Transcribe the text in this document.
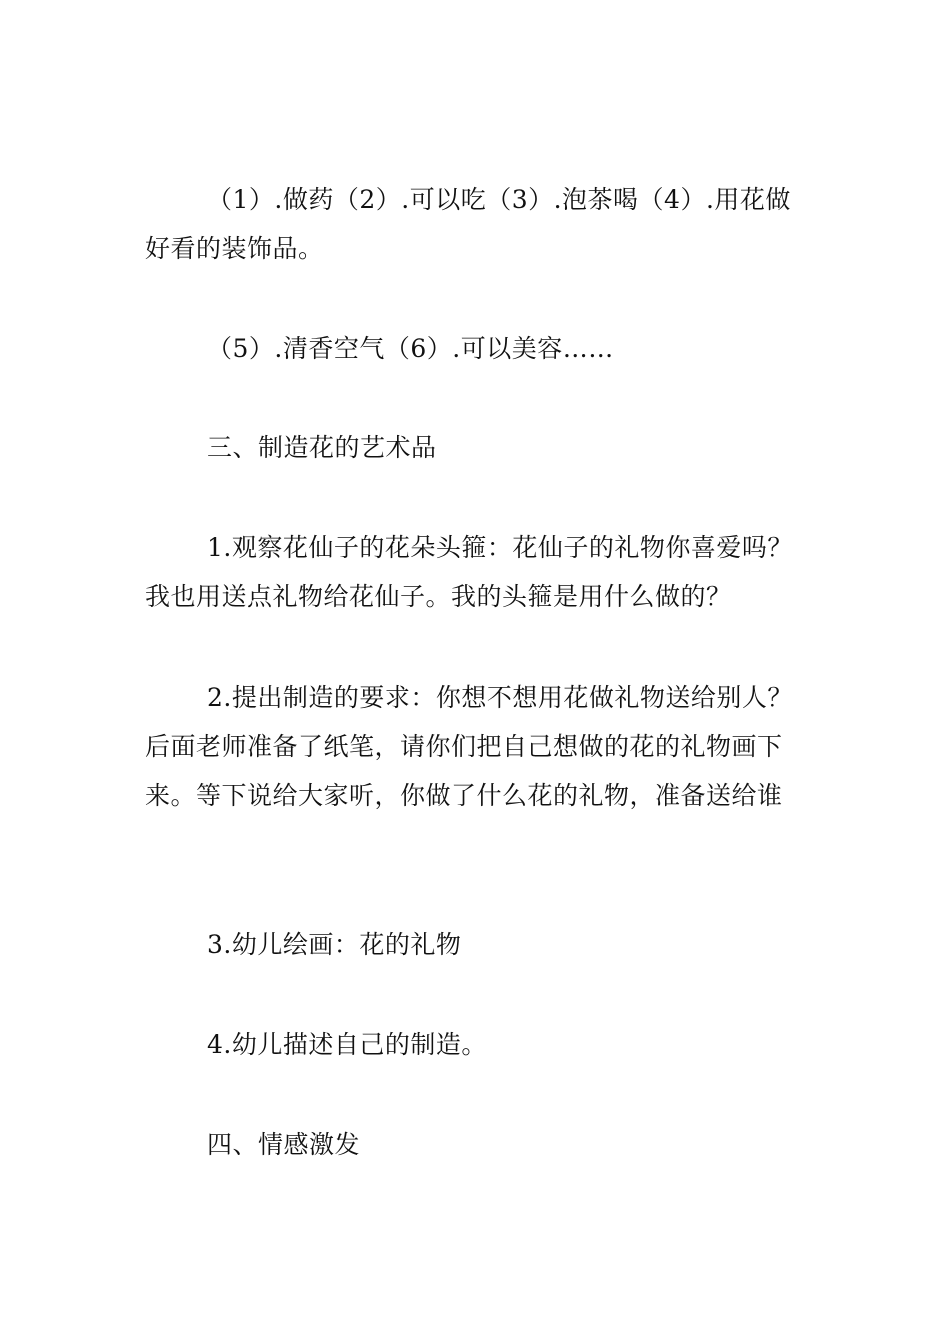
（1）.做药（2）.可以吃（3）.泡茶喝（4）.用花做
好看的装饰品。

（5）.清香空气（6）.可以美容……

三、制造花的艺术品

1.观察花仙子的花朵头箍：花仙子的礼物你喜爱吗？
我也用送点礼物给花仙子。我的头箍是用什么做的？

2.提出制造的要求：你想不想用花做礼物送给别人？
后面老师准备了纸笔，请你们把自己想做的花的礼物画下
来。等下说给大家听，你做了什么花的礼物，准备送给谁

3.幼儿绘画：花的礼物

4.幼儿描述自己的制造。

四、情感激发
